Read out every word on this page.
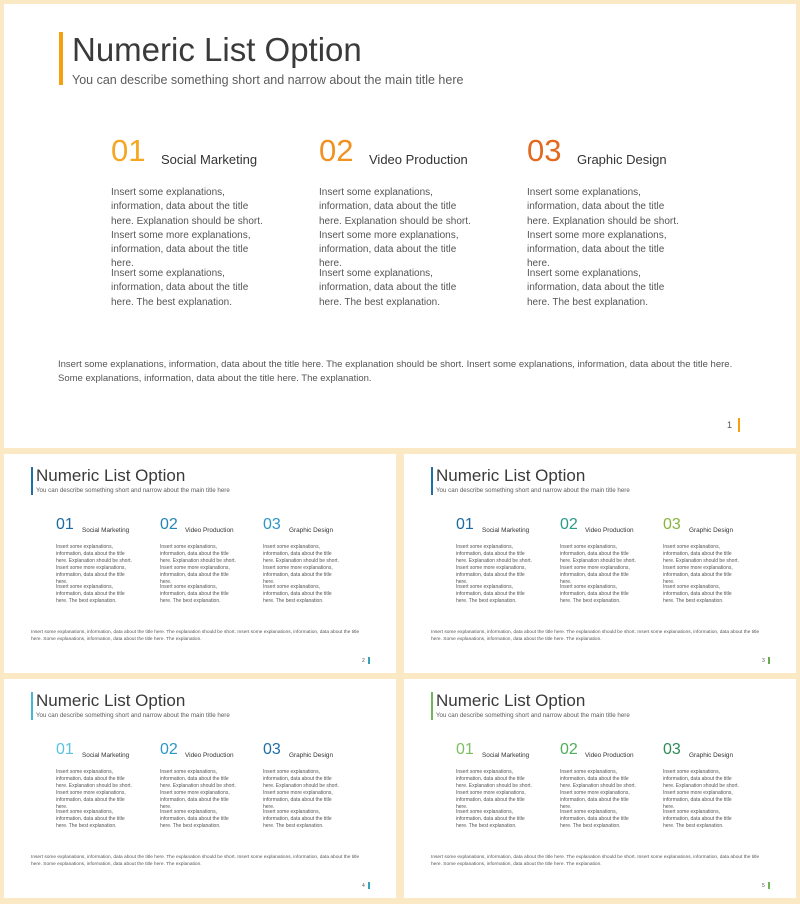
Numeric List Option

You can describe something short and narrow about the main title here

01 Social Marketing

Insert some explanations, information, data about the title here. Explanation should be short. Insert some more explanations, information, data about the title here.

Insert some explanations, information, data about the title here. The best explanation.

02 Video Production

Insert some explanations, information, data about the title here. Explanation should be short. Insert some more explanations, information, data about the title here.

Insert some explanations, information, data about the title here. The best explanation.

03 Graphic Design

Insert some explanations, information, data about the title here. Explanation should be short. Insert some more explanations, information, data about the title here.

Insert some explanations, information, data about the title here. The best explanation.

Insert some explanations, information, data about the title here. The explanation should be short. Insert some explanations, information, data about the title here. Some explanations, information, data about the title here. The explanation.

1

Numeric List Option

You can describe something short and narrow about the main title here

01 Social Marketing

Insert some explanations, information, data about the title here. Explanation should be short. Insert some more explanations, information, data about the title here.

Insert some explanations, information, data about the title here. The best explanation.

02 Video Production

Insert some explanations, information, data about the title here. Explanation should be short. Insert some more explanations, information, data about the title here.

Insert some explanations, information, data about the title here. The best explanation.

03 Graphic Design

Insert some explanations, information, data about the title here. Explanation should be short. Insert some more explanations, information, data about the title here.

Insert some explanations, information, data about the title here. The best explanation.

Insert some explanations, information, data about the title here. The explanation should be short. Insert some explanations, information, data about the title here. Some explanations, information, data about the title here. The explanation.

2

Numeric List Option

You can describe something short and narrow about the main title here

01 Social Marketing

Insert some explanations, information, data about the title here. Explanation should be short. Insert some more explanations, information, data about the title here.

Insert some explanations, information, data about the title here. The best explanation.

02 Video Production

Insert some explanations, information, data about the title here. Explanation should be short. Insert some more explanations, information, data about the title here.

Insert some explanations, information, data about the title here. The best explanation.

03 Graphic Design

Insert some explanations, information, data about the title here. Explanation should be short. Insert some more explanations, information, data about the title here.

Insert some explanations, information, data about the title here. The best explanation.

Insert some explanations, information, data about the title here. The explanation should be short. Insert some explanations, information, data about the title here. Some explanations, information, data about the title here. The explanation.

3

Numeric List Option

You can describe something short and narrow about the main title here

01 Social Marketing

Insert some explanations, information, data about the title here. Explanation should be short. Insert some more explanations, information, data about the title here.

Insert some explanations, information, data about the title here. The best explanation.

02 Video Production

Insert some explanations, information, data about the title here. Explanation should be short. Insert some more explanations, information, data about the title here.

Insert some explanations, information, data about the title here. The best explanation.

03 Graphic Design

Insert some explanations, information, data about the title here. Explanation should be short. Insert some more explanations, information, data about the title here.

Insert some explanations, information, data about the title here. The best explanation.

Insert some explanations, information, data about the title here. The explanation should be short. Insert some explanations, information, data about the title here. Some explanations, information, data about the title here. The explanation.

4

Numeric List Option

You can describe something short and narrow about the main title here

01 Social Marketing

Insert some explanations, information, data about the title here. Explanation should be short. Insert some more explanations, information, data about the title here.

Insert some explanations, information, data about the title here. The best explanation.

02 Video Production

Insert some explanations, information, data about the title here. Explanation should be short. Insert some more explanations, information, data about the title here.

Insert some explanations, information, data about the title here. The best explanation.

03 Graphic Design

Insert some explanations, information, data about the title here. Explanation should be short. Insert some more explanations, information, data about the title here.

Insert some explanations, information, data about the title here. The best explanation.

Insert some explanations, information, data about the title here. The explanation should be short. Insert some explanations, information, data about the title here. Some explanations, information, data about the title here. The explanation.

5
